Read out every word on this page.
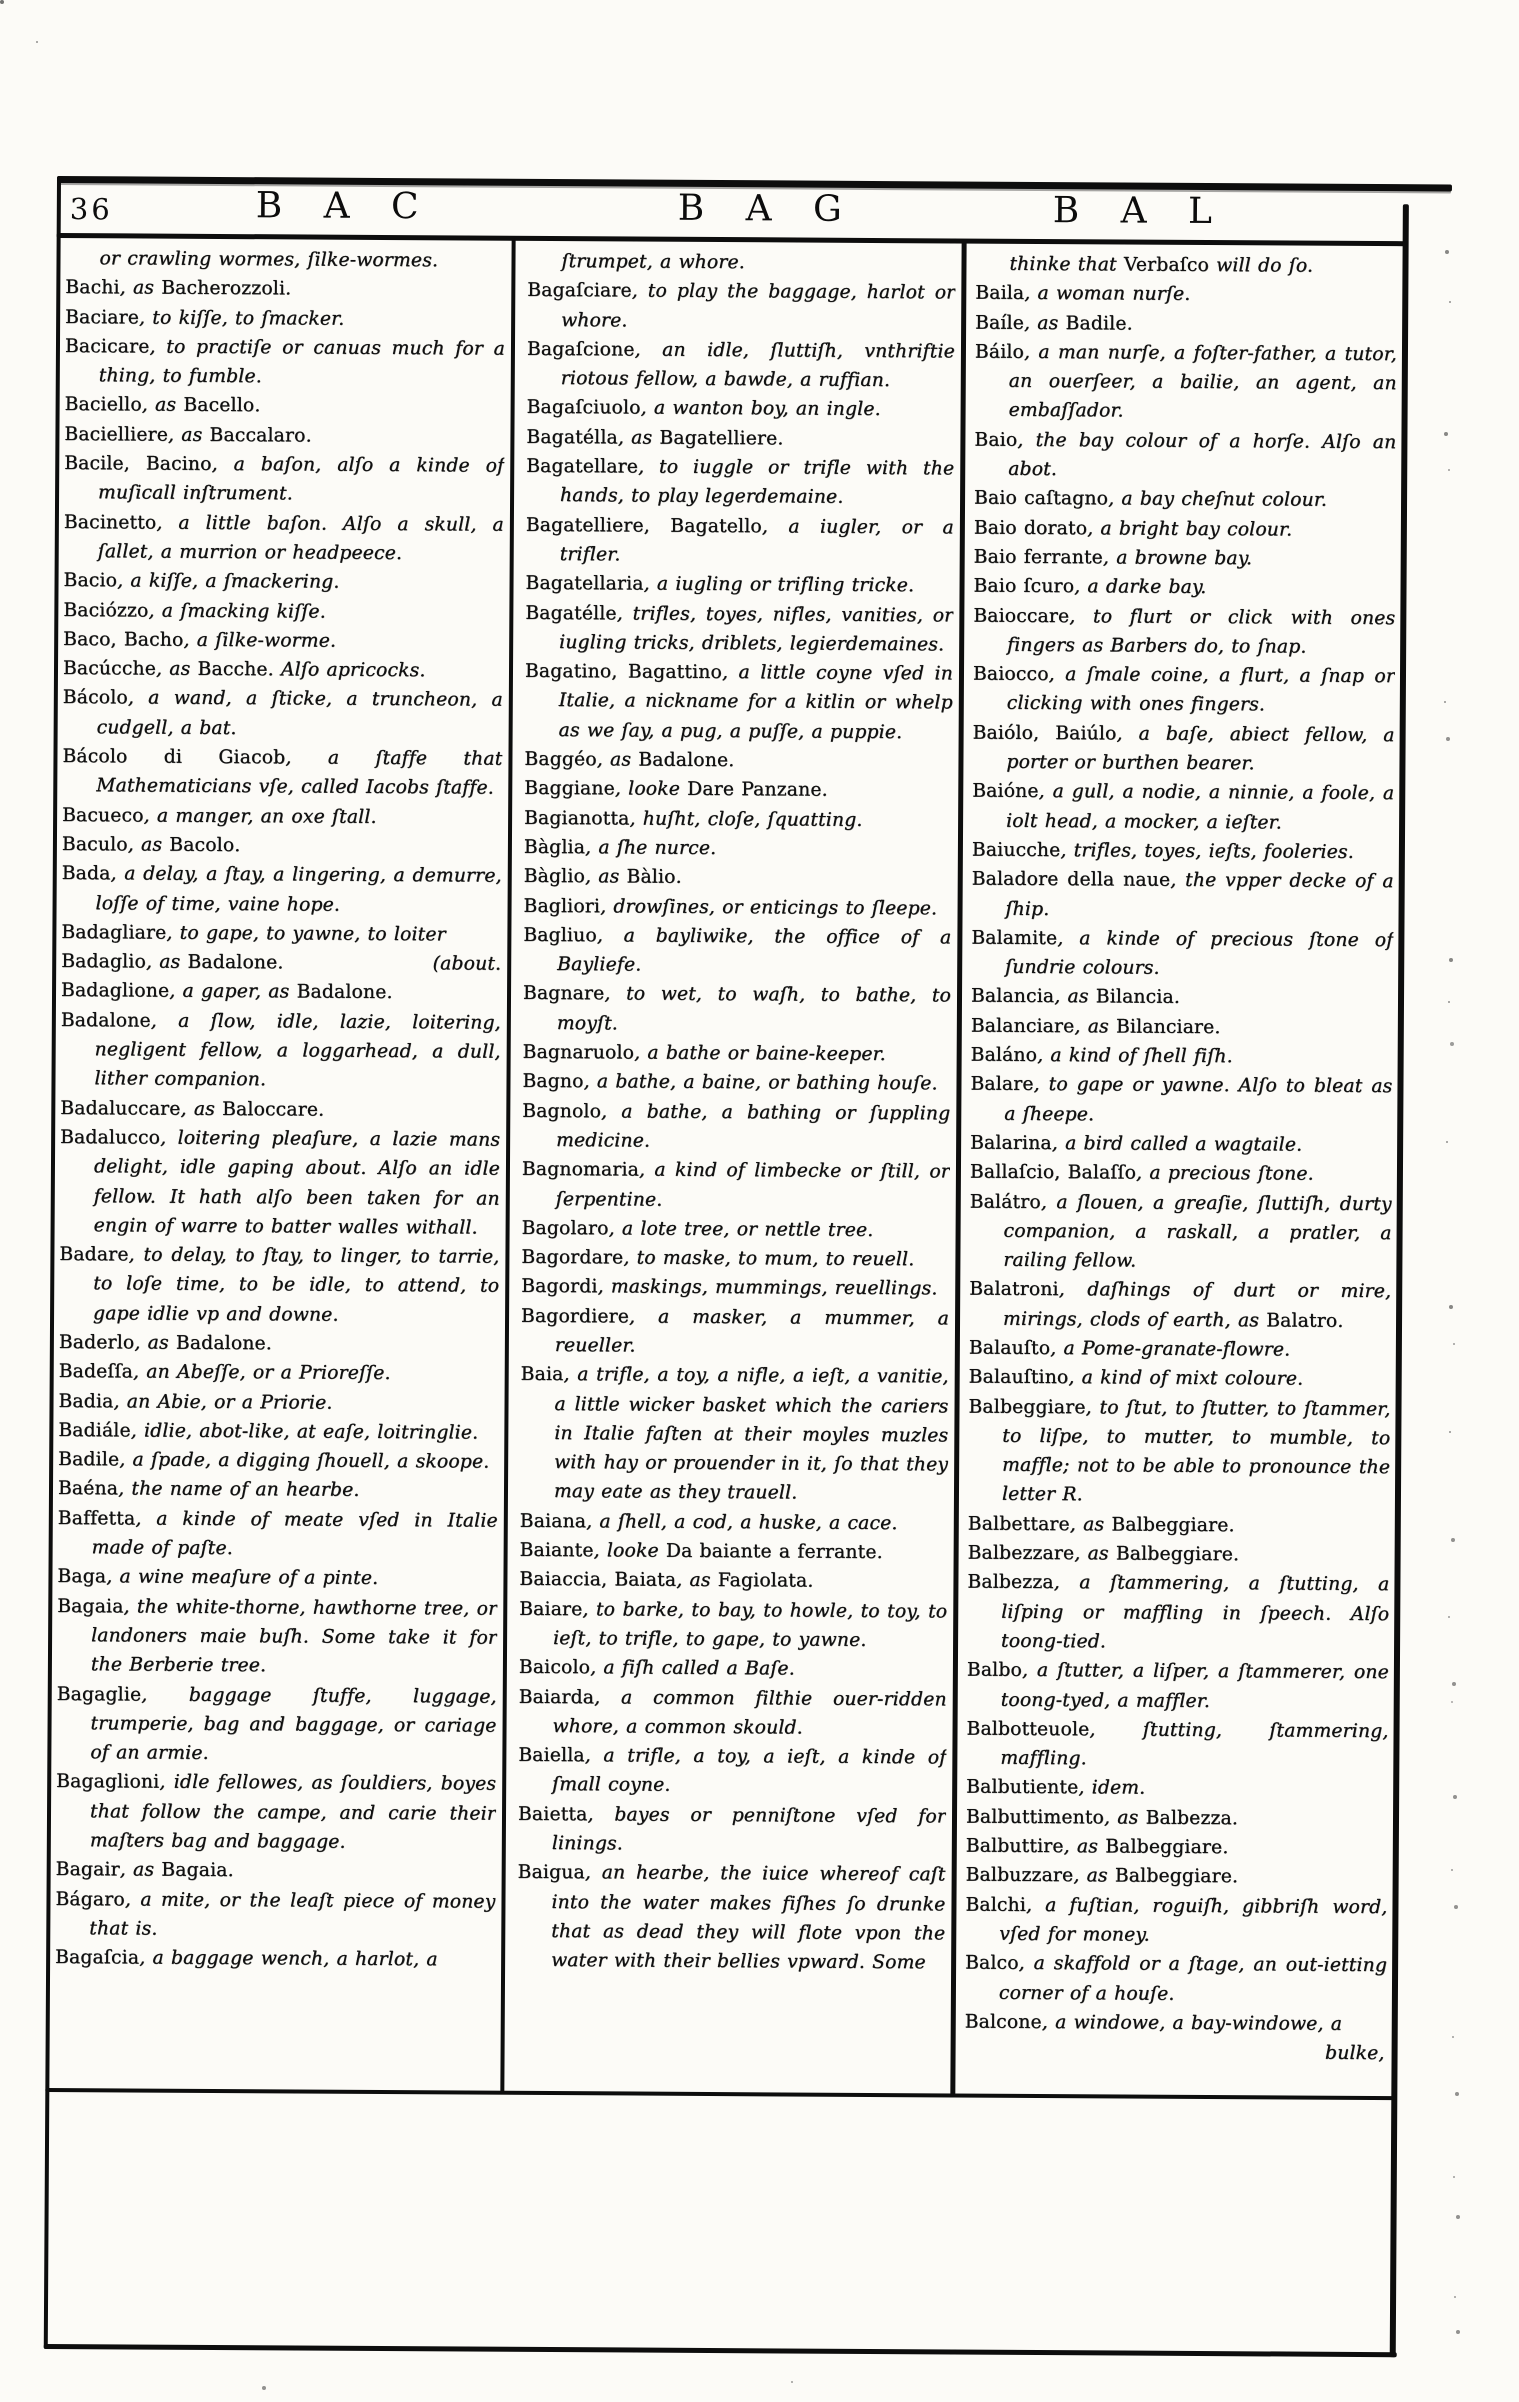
36	BAC	BAG	BAL

or crawling wormes, ſilke-wormes.

Bachi, as Bacherozzoli.

Baciare, to kiſſe, to ſmacker.

Bacicare, to practiſe or canuas much for a thing, to fumble.

Baciello, as Bacello.

Bacielliere, as Baccalaro.

Bacile, Bacino, a baſon, alſo a kinde of muſicall inſtrument.

Bacinetto, a little baſon. Alſo a skull, a ſallet, a murrion or headpeece.

Bacio, a kiſſe, a ſmackering.

Baciózzo, a ſmacking kiſſe.

Baco, Bacho, a ſilke-worme.

Bacúcche, as Bacche. Alſo apricocks.

Bácolo, a wand, a ſticke, a truncheon, a cudgell, a bat.

Bácolo di Giacob, a ſtaffe that Mathematicians vſe, called Iacobs ſtaffe.

Bacueco, a manger, an oxe ſtall.

Baculo, as Bacolo.

Bada, a delay, a ſtay, a lingering, a demurre, loſſe of time, vaine hope.

Badagliare, to gape, to yawne, to loiter

(about.
Badaglio, as Badalone.

Badaglione, a gaper, as Badalone.

Badalone, a ſlow, idle, lazie, loitering, negligent fellow, a loggarhead, a dull, lither companion.

Badaluccare, as Baloccare.

Badalucco, loitering pleaſure, a lazie mans delight, idle gaping about. Alſo an idle fellow. It hath alſo been taken for an engin of warre to batter walles withall.

Badare, to delay, to ſtay, to linger, to tarrie, to loſe time, to be idle, to attend, to gape idlie vp and downe.

Baderlo, as Badalone.

Badeſſa, an Abeſſe, or a Prioreſſe.

Badia, an Abie, or a Priorie.

Badiále, idlie, abot-like, at eaſe, loitringlie.

Badile, a ſpade, a digging ſhouell, a skoope.

Baéna, the name of an hearbe.

Baffetta, a kinde of meate vſed in Italie made of paſte.

Baga, a wine meaſure of a pinte.

Bagaia, the white-thorne, hawthorne tree, or landoners maie buſh. Some take it for the Berberie tree.

Bagaglie, baggage ſtuffe, luggage, trumperie, bag and baggage, or cariage of an armie.

Bagaglioni, idle fellowes, as ſouldiers, boyes that follow the campe, and carie their maſters bag and baggage.

Bagair, as Bagaia.

Bágaro, a mite, or the leaſt piece of money that is.

Bagaſcia, a baggage wench, a harlot, a

ſtrumpet, a whore.

Bagaſciare, to play the baggage, harlot or whore.

Bagaſcione, an idle, ſluttiſh, vnthriftie riotous fellow, a bawde, a ruffian.

Bagaſciuolo, a wanton boy, an ingle.

Bagatélla, as Bagatelliere.

Bagatellare, to iuggle or trifle with the hands, to play legerdemaine.

Bagatelliere, Bagatello, a iugler, or a trifler.

Bagatellaria, a iugling or trifling tricke.

Bagatélle, trifles, toyes, nifles, vanities, or iugling tricks, driblets, legierdemaines.

Bagatino, Bagattino, a little coyne vſed in Italie, a nickname for a kitlin or whelp as we ſay, a pug, a puſſe, a puppie.

Baggéo, as Badalone.

Baggiane, looke Dare Panzane.

Bagianotta, huſht, cloſe, ſquatting.

Bàglia, a ſhe nurce.

Bàglio, as Bàlio.

Bagliori, drowſines, or enticings to ſleepe.

Bagliuo, a bayliwike, the office of a Bayliefe.

Bagnare, to wet, to waſh, to bathe, to moyſt.

Bagnaruolo, a bathe or baine-keeper.

Bagno, a bathe, a baine, or bathing houſe.

Bagnolo, a bathe, a bathing or ſuppling medicine.

Bagnomaria, a kind of limbecke or ſtill, or ſerpentine.

Bagolaro, a lote tree, or nettle tree.

Bagordare, to maske, to mum, to reuell.

Bagordi, maskings, mummings, reuellings.

Bagordiere, a masker, a mummer, a reueller.

Baia, a trifle, a toy, a nifle, a ieſt, a vanitie, a little wicker basket which the cariers in Italie faſten at their moyles muzles with hay or prouender in it, ſo that they may eate as they trauell.

Baiana, a ſhell, a cod, a huske, a cace.

Baiante, looke Da baiante a ferrante.

Baiaccia, Baiata, as Fagiolata.

Baiare, to barke, to bay, to howle, to toy, to ieſt, to trifle, to gape, to yawne.

Baicolo, a fiſh called a Baſe.

Baiarda, a common filthie ouer-ridden whore, a common skould.

Baiella, a trifle, a toy, a ieſt, a kinde of ſmall coyne.

Baietta, bayes or penniſtone vſed for linings.

Baigua, an hearbe, the iuice whereof caſt into the water makes fiſhes ſo drunke that as dead they will flote vpon the water with their bellies vpward. Some

thinke that Verbaſco will do ſo.

Baila, a woman nurſe.

Baíle, as Badile.

Báilo, a man nurſe, a foſter-father, a tutor, an ouerſeer, a bailie, an agent, an embaſſador.

Baio, the bay colour of a horſe. Alſo an abot.

Baio caſtagno, a bay cheſnut colour.

Baio dorato, a bright bay colour.

Baio ferrante, a browne bay.

Baio ſcuro, a darke bay.

Baioccare, to flurt or click with ones fingers as Barbers do, to ſnap.

Baiocco, a ſmale coine, a flurt, a ſnap or clicking with ones fingers.

Baiólo, Baiúlo, a baſe, abiect fellow, a porter or burthen bearer.

Baióne, a gull, a nodie, a ninnie, a foole, a iolt head, a mocker, a ieſter.

Baiucche, trifles, toyes, ieſts, fooleries.

Baladore della naue, the vpper decke of a ſhip.

Balamite, a kinde of precious ſtone of ſundrie colours.

Balancia, as Bilancia.

Balanciare, as Bilanciare.

Baláno, a kind of ſhell fiſh.

Balare, to gape or yawne. Alſo to bleat as a ſheepe.

Balarina, a bird called a wagtaile.

Ballaſcio, Balaſſo, a precious ſtone.

Balátro, a ſlouen, a greaſie, ſluttiſh, durty companion, a raskall, a pratler, a railing fellow.

Balatroni, daſhings of durt or mire, mirings, clods of earth, as Balatro.

Balauſto, a Pome-granate-flowre.

Balauſtino, a kind of mixt coloure.

Balbeggiare, to ſtut, to ſtutter, to ſtammer, to liſpe, to mutter, to mumble, to maffle; not to be able to pronounce the letter R.

Balbettare, as Balbeggiare.

Balbezzare, as Balbeggiare.

Balbezza, a ſtammering, a ſtutting, a liſping or maffling in ſpeech. Alſo toong-tied.

Balbo, a ſtutter, a liſper, a ſtammerer, one toong-tyed, a maffler.

Balbotteuole, ſtutting, ſtammering, maffling.

Balbutiente, idem.

Balbuttimento, as Balbezza.

Balbuttire, as Balbeggiare.

Balbuzzare, as Balbeggiare.

Balchi, a fuſtian, roguiſh, gibbriſh word, vſed for money.

Balco, a skaffold or a ſtage, an out-ietting corner of a houſe.

Balcone, a windowe, a bay-windowe, a
bulke,
